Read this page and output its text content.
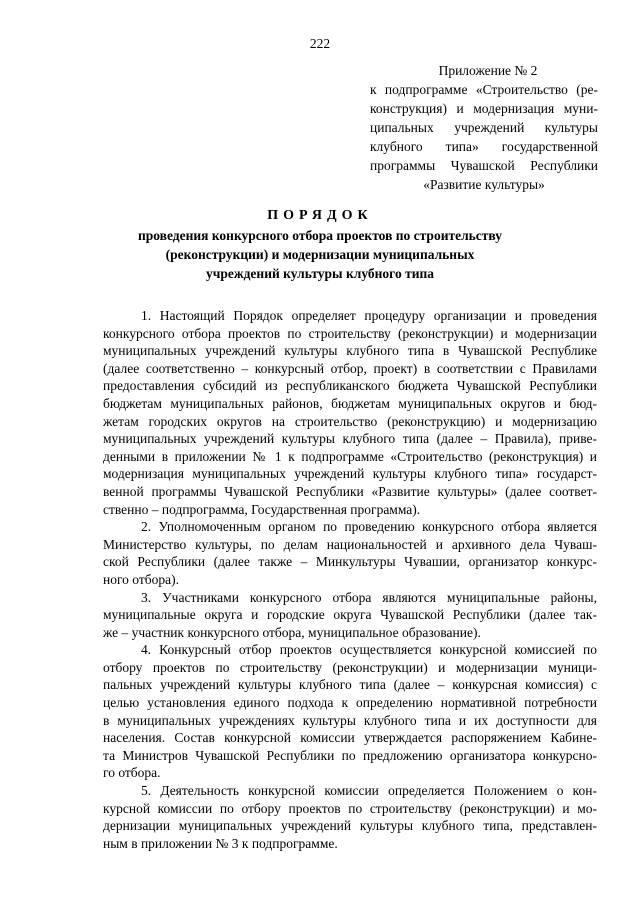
222
Приложение № 2
к подпрограмме «Строительство (ре-
конструкция) и модернизация муни-
ципальных учреждений культуры
клубного типа» государственной
программы Чувашской Республики
«Развитие культуры»
ПОРЯДОК
проведения конкурсного отбора проектов по строительству
(реконструкции) и модернизации муниципальных
учреждений культуры клубного типа
1. Настоящий Порядок определяет процедуру организации и проведения
конкурсного отбора проектов по строительству (реконструкции) и модернизации
муниципальных учреждений культуры клубного типа в Чувашской Республике
(далее соответственно – конкурсный отбор, проект) в соответствии с Правилами
предоставления субсидий из республиканского бюджета Чувашской Республики
бюджетам муниципальных районов, бюджетам муниципальных округов и бюд-
жетам городских округов на строительство (реконструкцию) и модернизацию
муниципальных учреждений культуры клубного типа (далее – Правила), приве-
денными в приложении № 1 к подпрограмме «Строительство (реконструкция) и
модернизация муниципальных учреждений культуры клубного типа» государст-
венной программы Чувашской Республики «Развитие культуры» (далее соответ-
ственно – подпрограмма, Государственная программа).
2. Уполномоченным органом по проведению конкурсного отбора является
Министерство культуры, по делам национальностей и архивного дела Чуваш-
ской Республики (далее также – Минкультуры Чувашии, организатор конкурс-
ного отбора).
3. Участниками конкурсного отбора являются муниципальные районы,
муниципальные округа и городские округа Чувашской Республики (далее так-
же – участник конкурсного отбора, муниципальное образование).
4. Конкурсный отбор проектов осуществляется конкурсной комиссией по
отбору проектов по строительству (реконструкции) и модернизации муници-
пальных учреждений культуры клубного типа (далее – конкурсная комиссия) с
целью установления единого подхода к определению нормативной потребности
в муниципальных учреждениях культуры клубного типа и их доступности для
населения. Состав конкурсной комиссии утверждается распоряжением Кабине-
та Министров Чувашской Республики по предложению организатора конкурсно-
го отбора.
5. Деятельность конкурсной комиссии определяется Положением о кон-
курсной комиссии по отбору проектов по строительству (реконструкции) и мо-
дернизации муниципальных учреждений культуры клубного типа, представлен-
ным в приложении № 3 к подпрограмме.
